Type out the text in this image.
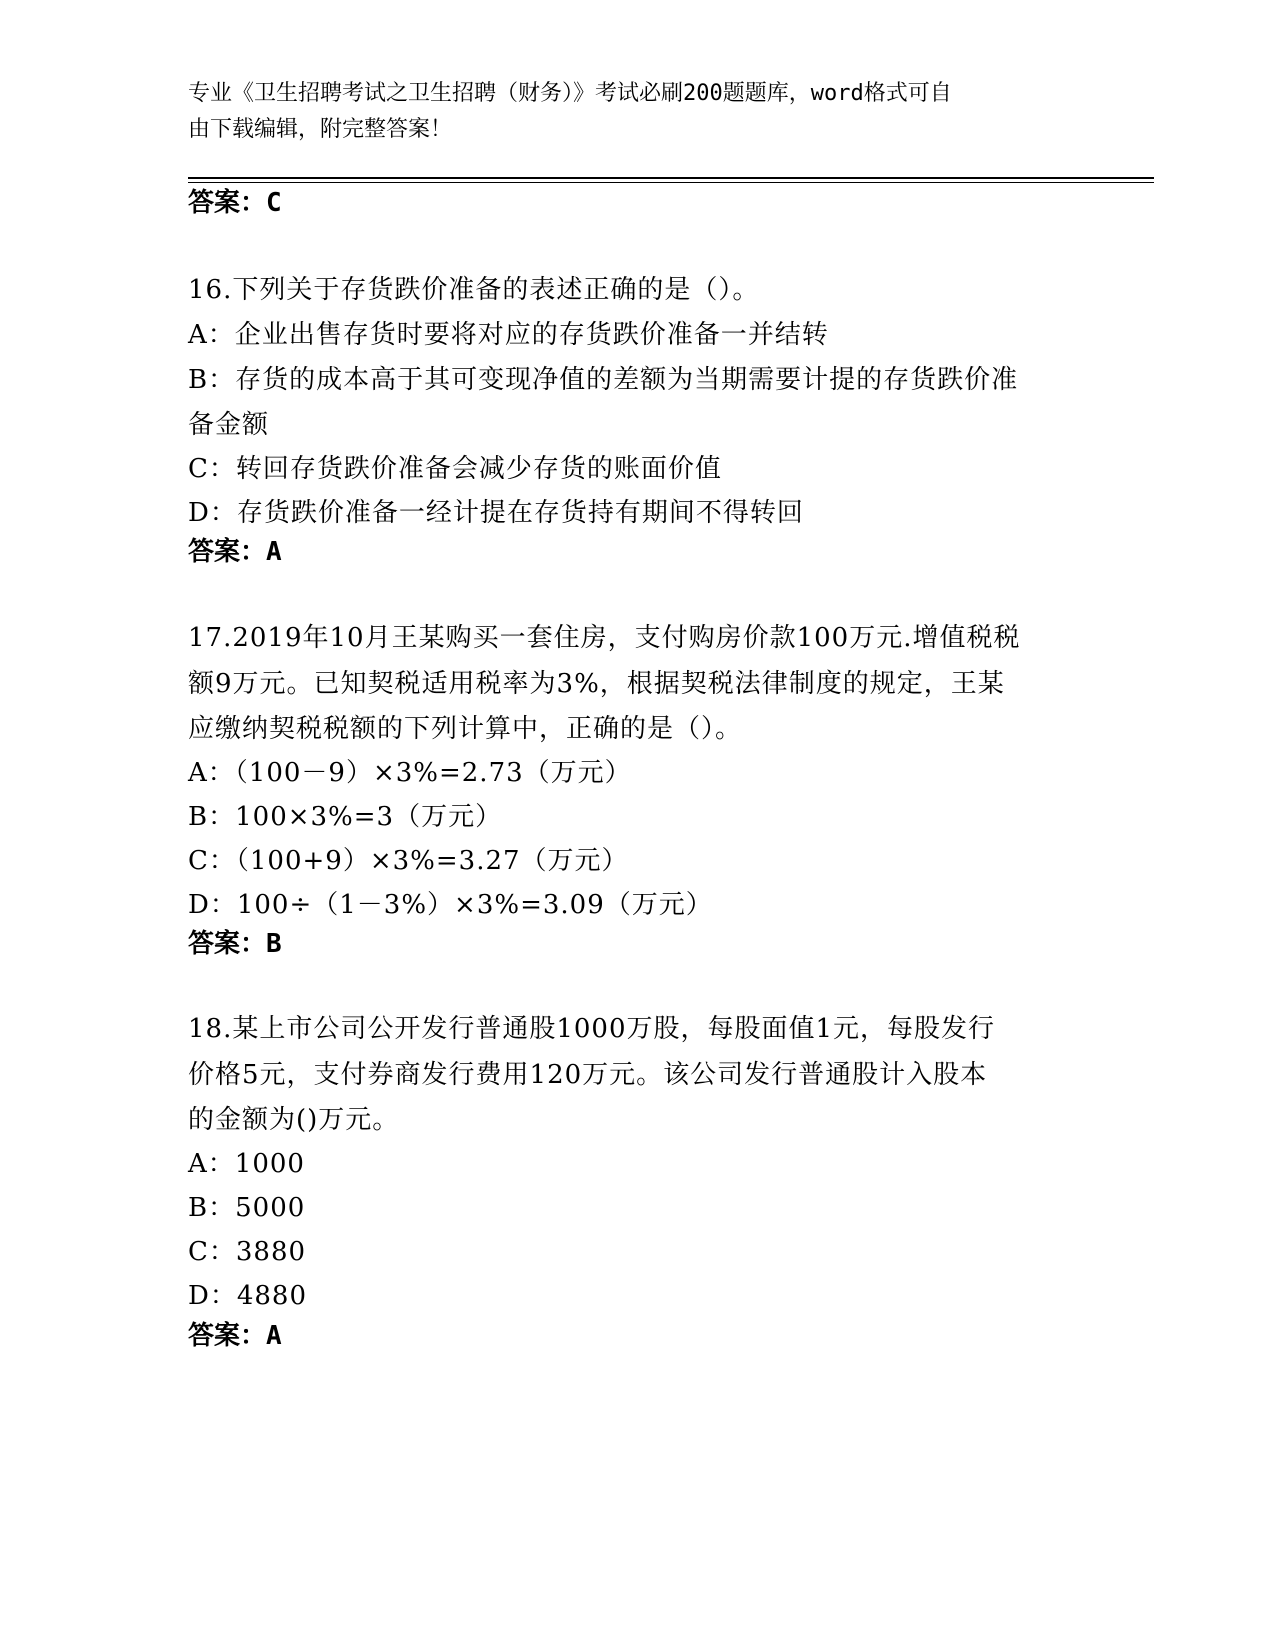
专业《卫生招聘考试之卫生招聘（财务）》考试必刷200题题库，word格式可自
由下载编辑，附完整答案！
答案：C
16.下列关于存货跌价准备的表述正确的是（）。
A：企业出售存货时要将对应的存货跌价准备一并结转
B：存货的成本高于其可变现净值的差额为当期需要计提的存货跌价准
备金额
C：转回存货跌价准备会减少存货的账面价值
D：存货跌价准备一经计提在存货持有期间不得转回
答案：A
17.2019年10月王某购买一套住房，支付购房价款100万元.增值税税
额9万元。已知契税适用税率为3%，根据契税法律制度的规定，王某
应缴纳契税税额的下列计算中，正确的是（）。
A：（100－9）×3%=2.73（万元）
B：100×3%=3（万元）
C：（100+9）×3%=3.27（万元）
D：100÷（1－3%）×3%=3.09（万元）
答案：B
18.某上市公司公开发行普通股1000万股，每股面值1元，每股发行
价格5元，支付券商发行费用120万元。该公司发行普通股计入股本
的金额为()万元。
A：1000
B：5000
C：3880
D：4880
答案：A
